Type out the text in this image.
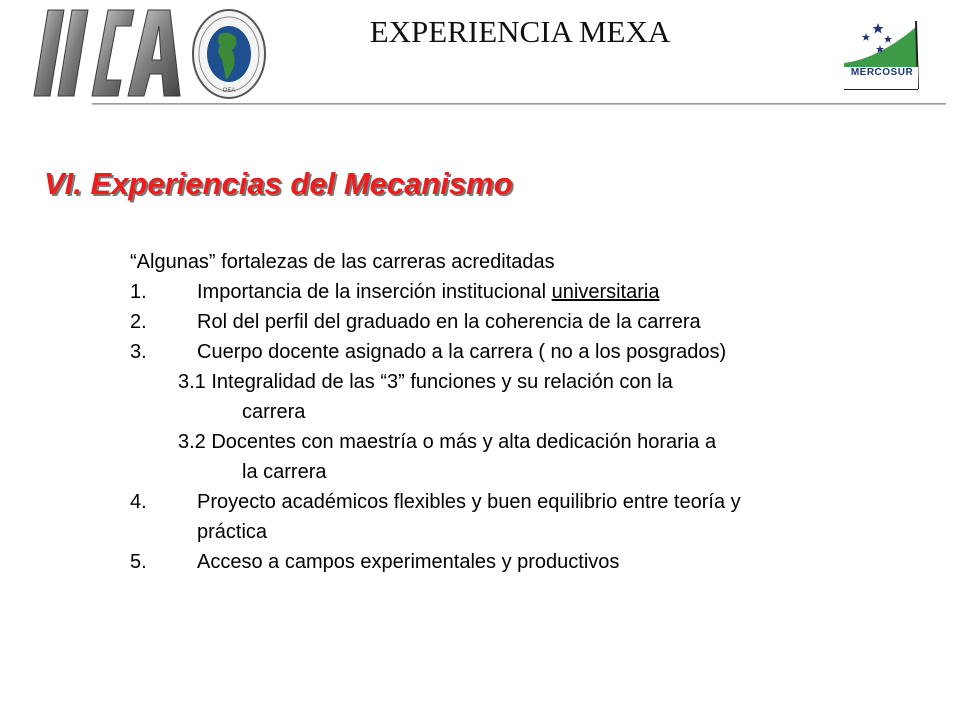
OEA
EXPERIENCIA MEXA
MERCOSUR
VI. Experiencias del Mecanismo
“Algunas” fortalezas de las carreras acreditadas
1.	Importancia de la inserción institucional universitaria
2.	Rol del perfil del graduado en la coherencia de la carrera
3.	Cuerpo docente asignado a la carrera ( no a los posgrados)
3.1 Integralidad de las “3” funciones y su relación con la
carrera
3.2 Docentes con maestría o más y alta dedicación horaria a
la carrera
4.	Proyecto académicos flexibles y buen equilibrio entre teoría y
práctica
5.	Acceso a campos experimentales y productivos
